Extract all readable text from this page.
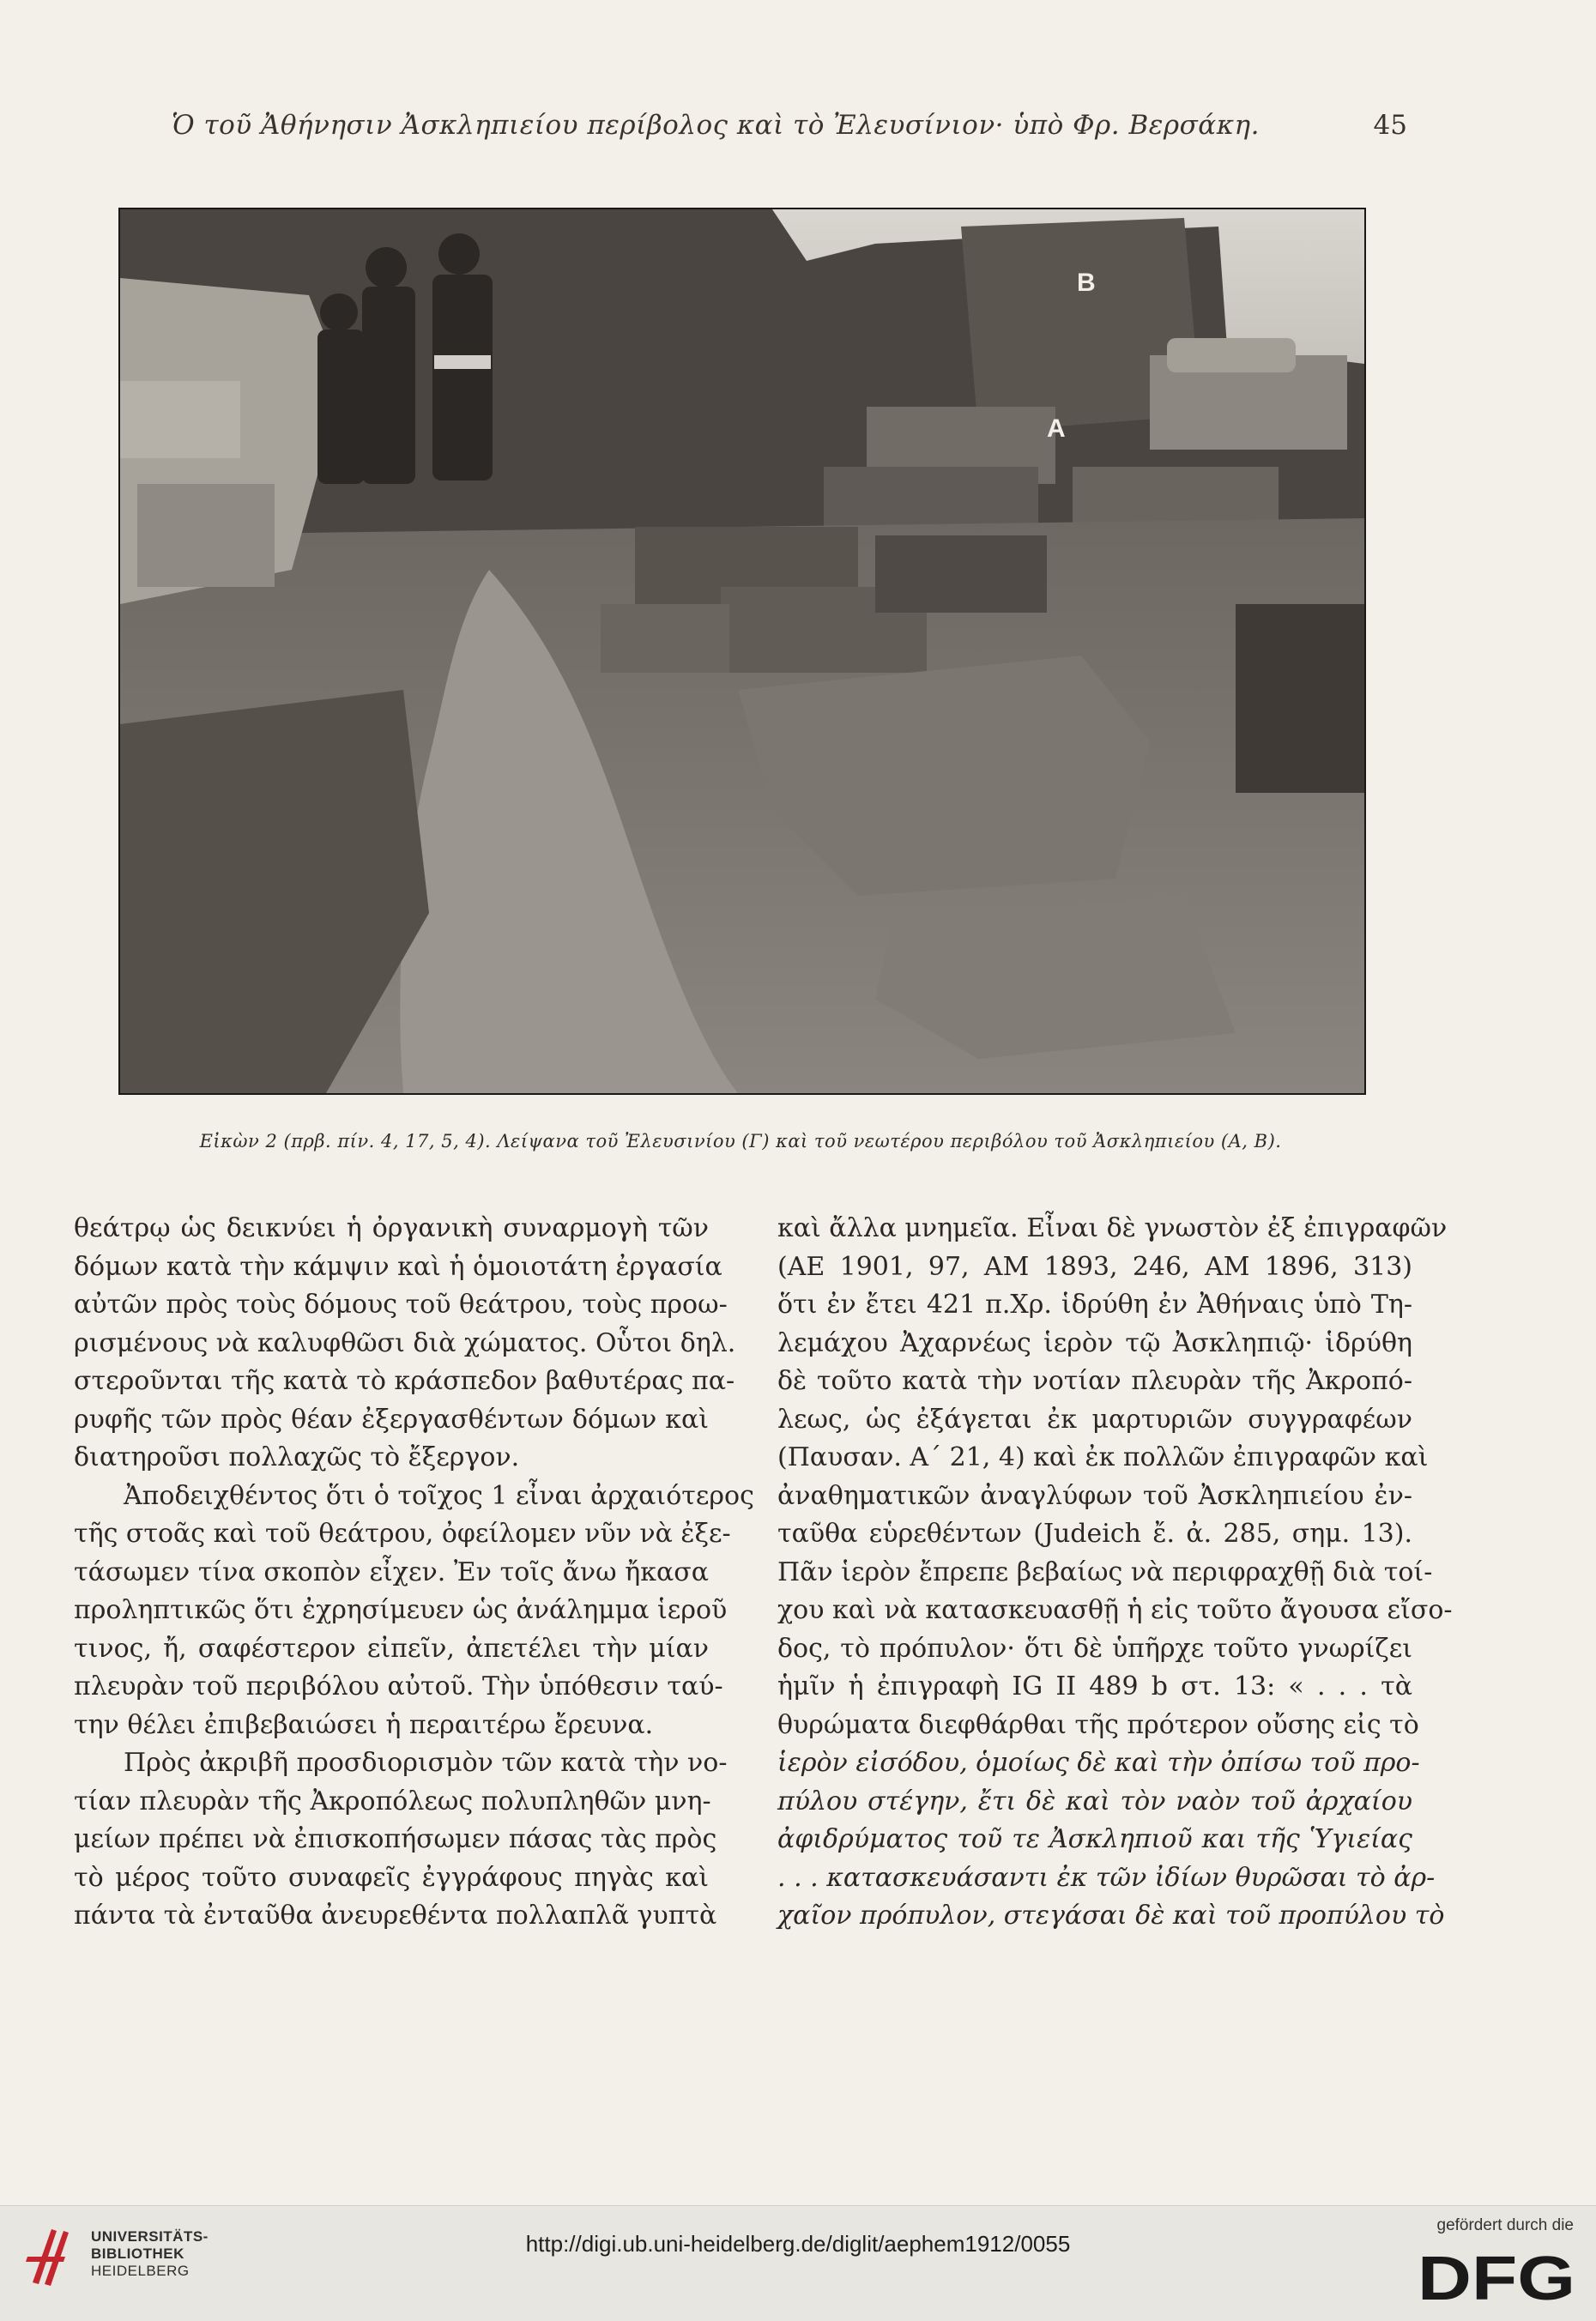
Ὁ τοῦ Ἀθήνησιν Ἀσκληπιείου περίβολος καὶ τὸ Ἐλευσίνιον· ὑπὸ Φρ. Βερσάκη.	45
B
A
Εἰκὼν 2 (πρβ. πίν. 4, 17, 5, 4). Λείψανα τοῦ Ἐλευσινίου (Γ) καὶ τοῦ νεωτέρου περιβόλου τοῦ Ἀσκληπιείου (A, B).
θεάτρῳ ὡς δεικνύει ἡ ὀργανικὴ συναρμογὴ τῶν
δόμων κατὰ τὴν κάμψιν καὶ ἡ ὁμοιοτάτη ἐργασία
αὐτῶν πρὸς τοὺς δόμους τοῦ θεάτρου, τοὺς προω-
ρισμένους νὰ καλυφθῶσι διὰ χώματος. Οὗτοι δηλ.
στεροῦνται τῆς κατὰ τὸ κράσπεδον βαθυτέρας πα-
ρυφῆς τῶν πρὸς θέαν ἐξεργασθέντων δόμων καὶ
διατηροῦσι πολλαχῶς τὸ ἔξεργον.
Ἀποδειχθέντος ὅτι ὁ τοῖχος 1 εἶναι ἀρχαιότερος
τῆς στοᾶς καὶ τοῦ θεάτρου, ὀφείλομεν νῦν νὰ ἐξε-
τάσωμεν τίνα σκοπὸν εἶχεν. Ἐν τοῖς ἄνω ἤκασα
προληπτικῶς ὅτι ἐχρησίμευεν ὡς ἀνάλημμα ἱεροῦ
τινος, ἤ, σαφέστερον εἰπεῖν, ἀπετέλει τὴν μίαν
πλευρὰν τοῦ περιβόλου αὐτοῦ. Τὴν ὑπόθεσιν ταύ-
την θέλει ἐπιβεβαιώσει ἡ περαιτέρω ἔρευνα.
Πρὸς ἀκριβῆ προσδιορισμὸν τῶν κατὰ τὴν νο-
τίαν πλευρὰν τῆς Ἀκροπόλεως πολυπληθῶν μνη-
μείων πρέπει νὰ ἐπισκοπήσωμεν πάσας τὰς πρὸς
τὸ μέρος τοῦτο συναφεῖς ἐγγράφους πηγὰς καὶ
πάντα τὰ ἐνταῦθα ἀνευρεθέντα πολλαπλᾶ γυπτὰ
καὶ ἄλλα μνημεῖα. Εἶναι δὲ γνωστὸν ἐξ ἐπιγραφῶν
(ΑΕ 1901, 97, ΑΜ 1893, 246, ΑΜ 1896, 313)
ὅτι ἐν ἔτει 421 π.Χρ. ἱδρύθη ἐν Ἀθήναις ὑπὸ Τη-
λεμάχου Ἀχαρνέως ἱερὸν τῷ Ἀσκληπιῷ· ἱδρύθη
δὲ τοῦτο κατὰ τὴν νοτίαν πλευρὰν τῆς Ἀκροπό-
λεως, ὡς ἐξάγεται ἐκ μαρτυριῶν συγγραφέων
(Παυσαν. Α΄ 21, 4) καὶ ἐκ πολλῶν ἐπιγραφῶν καὶ
ἀναθηματικῶν ἀναγλύφων τοῦ Ἀσκληπιείου ἐν-
ταῦθα εὑρεθέντων (Judeich ἔ. ἀ. 285, σημ. 13).
Πᾶν ἱερὸν ἔπρεπε βεβαίως νὰ περιφραχθῇ διὰ τοί-
χου καὶ νὰ κατασκευασθῇ ἡ εἰς τοῦτο ἄγουσα εἴσο-
δος, τὸ πρόπυλον· ὅτι δὲ ὑπῆρχε τοῦτο γνωρίζει
ἡμῖν ἡ ἐπιγραφὴ IG II 489 b στ. 13: « . . . τὰ
θυρώματα διεφθάρθαι τῆς πρότερον οὔσης εἰς τὸ
ἱερὸν εἰσόδου, ὁμοίως δὲ καὶ τὴν ὀπίσω τοῦ προ-
πύλου στέγην, ἔτι δὲ καὶ τὸν ναὸν τοῦ ἀρχαίου
ἀφιδρύματος τοῦ τε Ἀσκληπιοῦ και τῆς Ὑγιείας
. . . κατασκευάσαντι ἐκ τῶν ἰδίων θυρῶσαι τὸ ἀρ-
χαῖον πρόπυλον, στεγάσαι δὲ καὶ τοῦ προπύλου τὸ
UNIVERSITÄTS-
BIBLIOTHEK
HEIDELBERG
http://digi.ub.uni-heidelberg.de/diglit/aephem1912/0055
gefördert durch die
DFG
